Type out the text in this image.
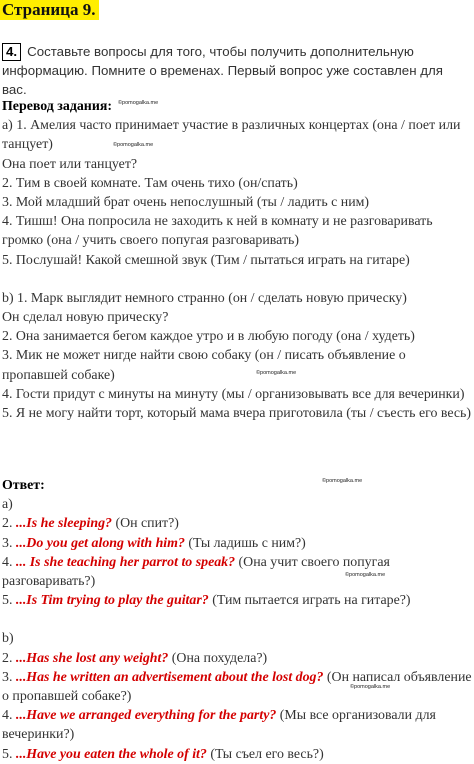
Страница 9.
4. Составьте вопросы для того, чтобы получить дополнительную информацию. Помните о временах. Первый вопрос уже составлен для вас.
Перевод задания:

a) 1. Амелия часто принимает участие в различных концертах (она / поет или танцует)

Она поет или танцует?

2. Тим в своей комнате. Там очень тихо (он/спать)

3. Мой младший брат очень непослушный (ты / ладить с ним)

4. Тишш! Она попросила не заходить к ней в комнату и не разговаривать громко (она / учить своего попугая разговаривать)

5. Послушай! Какой смешной звук (Тим / пытаться играть на гитаре)

b) 1. Марк выглядит немного странно (он / сделать новую прическу)

Он сделал новую прическу?

2. Она занимается бегом каждое утро и в любую погоду (она / худеть)

3. Мик не может нигде найти свою собаку (он / писать объявление о пропавшей собаке)

4. Гости придут с минуты на минуту (мы / организовывать все для вечеринки)

5. Я не могу найти торт, который мама вчера приготовила (ты / съесть его весь)

Ответ:

a)

2. ...Is he sleeping? (Он спит?)

3. ...Do you get along with him? (Ты ладишь с ним?)

4. ... Is she teaching her parrot to speak? (Она учит своего попугая разговаривать?)

5. ...Is Tim trying to play the guitar? (Тим пытается играть на гитаре?)

b)

2. ...Has she lost any weight? (Она похудела?)

3. ...Has he written an advertisement about the lost dog? (Он написал объявление о пропавшей собаке?)

4. ...Have we arranged everything for the party? (Мы все организовали для вечеринки?)

5. ...Have you eaten the whole of it? (Ты съел его весь?)

©pomogalka.me
©pomogalka.me
©pomogalka.me
©pomogalka.me
©pomogalka.me
©pomogalka.me
